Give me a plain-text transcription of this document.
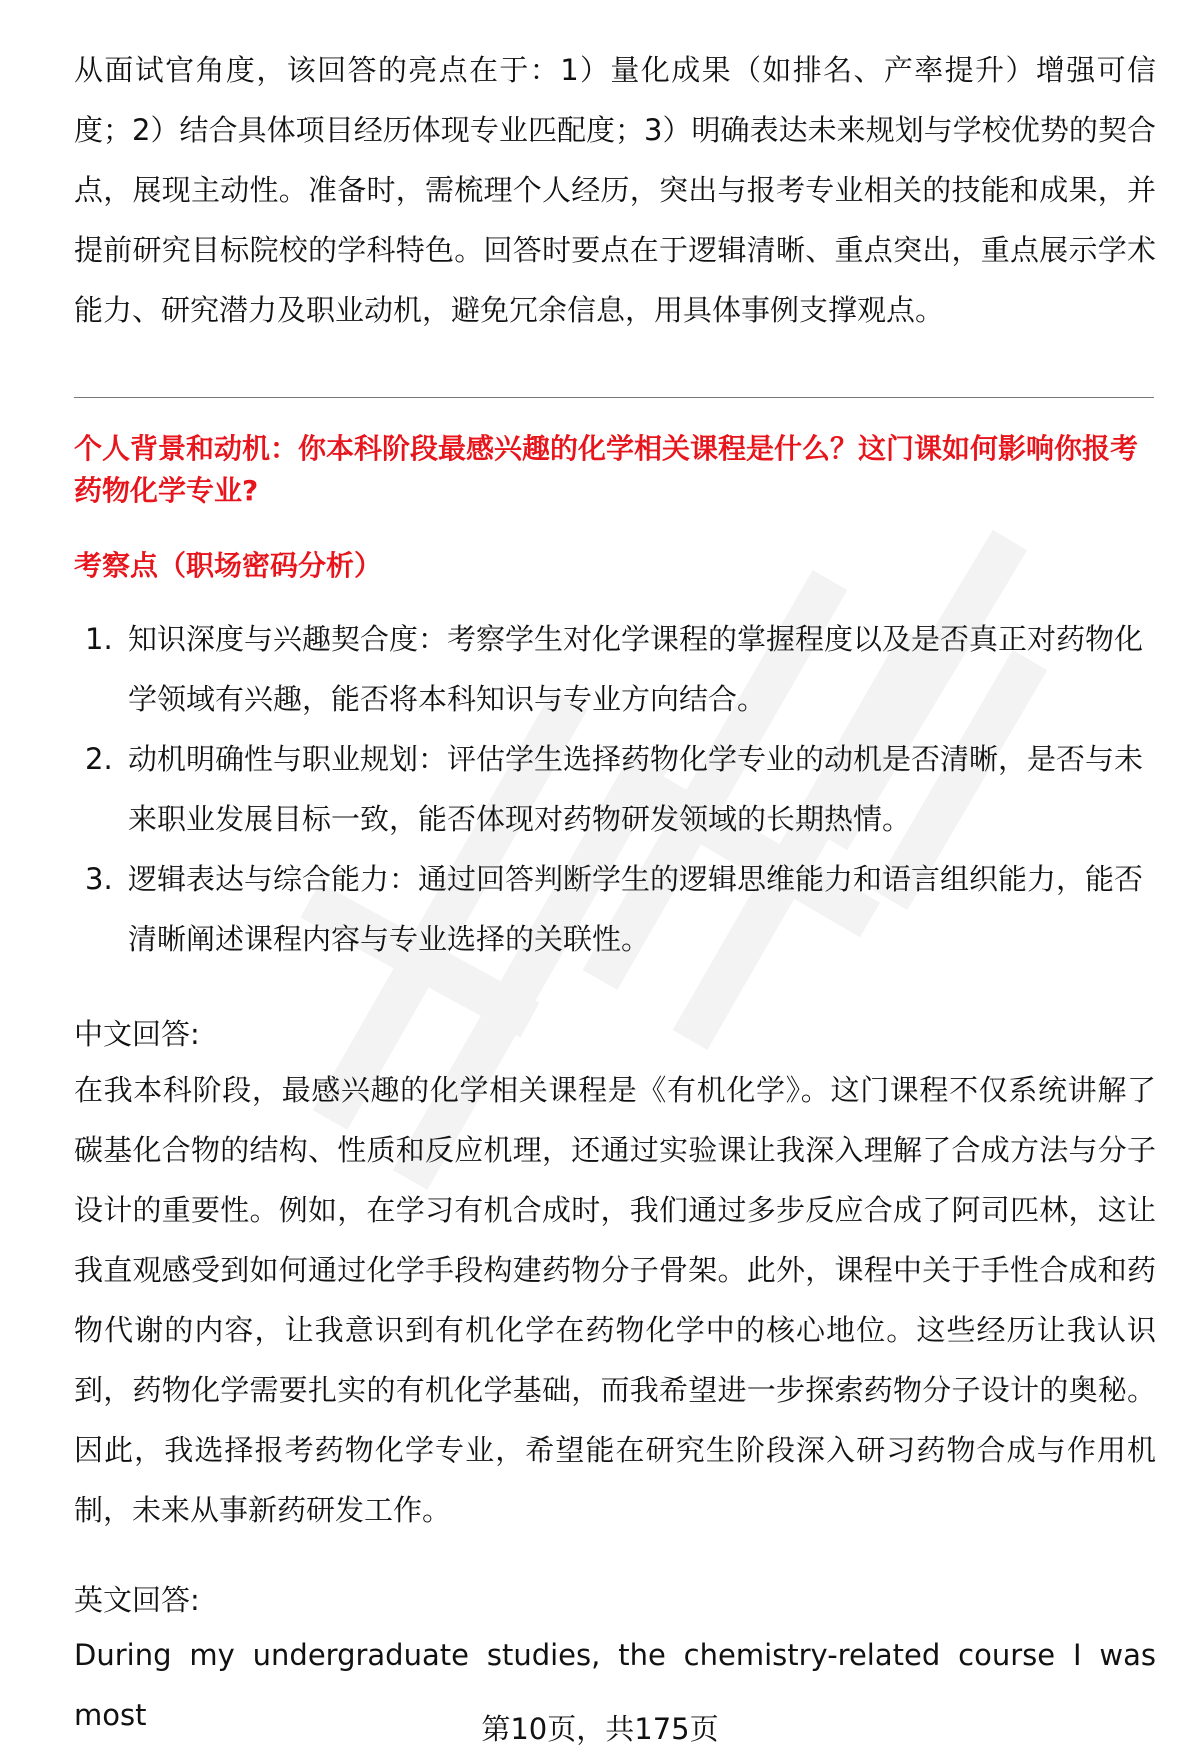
从面试官角度，该回答的亮点在于：1）量化成果（如排名、产率提升）增强可信度；2）结合具体项目经历体现专业匹配度；3）明确表达未来规划与学校优势的契合点，展现主动性。准备时，需梳理个人经历，突出与报考专业相关的技能和成果，并提前研究目标院校的学科特色。回答时要点在于逻辑清晰、重点突出，重点展示学术能力、研究潜力及职业动机，避免冗余信息，用具体事例支撑观点。

个人背景和动机：你本科阶段最感兴趣的化学相关课程是什么？这门课如何影响你报考药物化学专业?

考察点（职场密码分析）

1. 知识深度与兴趣契合度：考察学生对化学课程的掌握程度以及是否真正对药物化学领域有兴趣，能否将本科知识与专业方向结合。
2. 动机明确性与职业规划：评估学生选择药物化学专业的动机是否清晰，是否与未来职业发展目标一致，能否体现对药物研发领域的长期热情。
3. 逻辑表达与综合能力：通过回答判断学生的逻辑思维能力和语言组织能力，能否清晰阐述课程内容与专业选择的关联性。

中文回答:

在我本科阶段，最感兴趣的化学相关课程是《有机化学》。这门课程不仅系统讲解了碳基化合物的结构、性质和反应机理，还通过实验课让我深入理解了合成方法与分子设计的重要性。例如，在学习有机合成时，我们通过多步反应合成了阿司匹林，这让我直观感受到如何通过化学手段构建药物分子骨架。此外，课程中关于手性合成和药物代谢的内容，让我意识到有机化学在药物化学中的核心地位。这些经历让我认识到，药物化学需要扎实的有机化学基础，而我希望进一步探索药物分子设计的奥秘。因此，我选择报考药物化学专业，希望能在研究生阶段深入研习药物合成与作用机制，未来从事新药研发工作。

英文回答:

During my undergraduate studies, the chemistry-related course I was most	第10页，共175页
